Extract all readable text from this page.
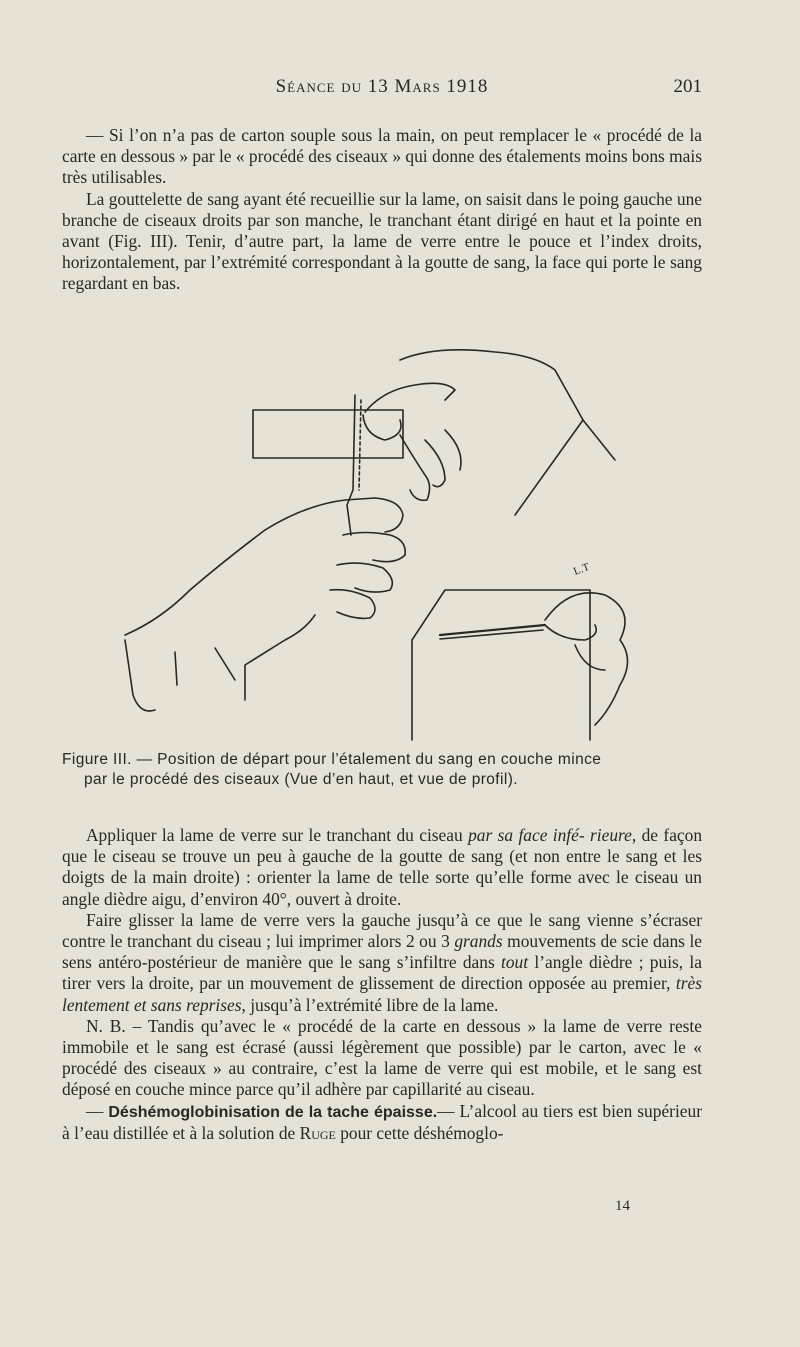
Séance du 13 Mars 1918	201

— Si l’on n’a pas de carton souple sous la main, on peut remplacer le « procédé de la carte en dessous » par le « procédé des ciseaux » qui donne des étalements moins bons mais très utilisables.

La gouttelette de sang ayant été recueillie sur la lame, on saisit dans le poing gauche une branche de ciseaux droits par son manche, le tranchant étant dirigé en haut et la pointe en avant (Fig. III). Tenir, d’autre part, la lame de verre entre le pouce et l’index droits, horizontalement, par l’extrémité correspondant à la goutte de sang, la face qui porte le sang regardant en bas.

L.T
Figure III. — Position de départ pour l’étalement du sang en couche mince
par le procédé des ciseaux (Vue d’en haut, et vue de profil).

Appliquer la lame de verre sur le tranchant du ciseau par sa face infé- rieure, de façon que le ciseau se trouve un peu à gauche de la goutte de sang (et non entre le sang et les doigts de la main droite) : orienter la lame de telle sorte qu’elle forme avec le ciseau un angle dièdre aigu, d’environ 40°, ouvert à droite.

Faire glisser la lame de verre vers la gauche jusqu’à ce que le sang vienne s’écraser contre le tranchant du ciseau ; lui imprimer alors 2 ou 3 grands mouvements de scie dans le sens antéro-postérieur de manière que le sang s’infiltre dans tout l’angle dièdre ; puis, la tirer vers la droite, par un mouvement de glissement de direction opposée au premier, très lentement et sans reprises, jusqu’à l’extrémité libre de la lame.

N. B. – Tandis qu’avec le « procédé de la carte en dessous » la lame de verre reste immobile et le sang est écrasé (aussi légèrement que possible) par le carton, avec le « procédé des ciseaux » au contraire, c’est la lame de verre qui est mobile, et le sang est déposé en couche mince parce qu’il adhère par capillarité au ciseau.

— Déshémoglobinisation de la tache épaisse.— L’alcool au tiers est bien supérieur à l’eau distillée et à la solution de Ruge pour cette déshémoglo-

14
